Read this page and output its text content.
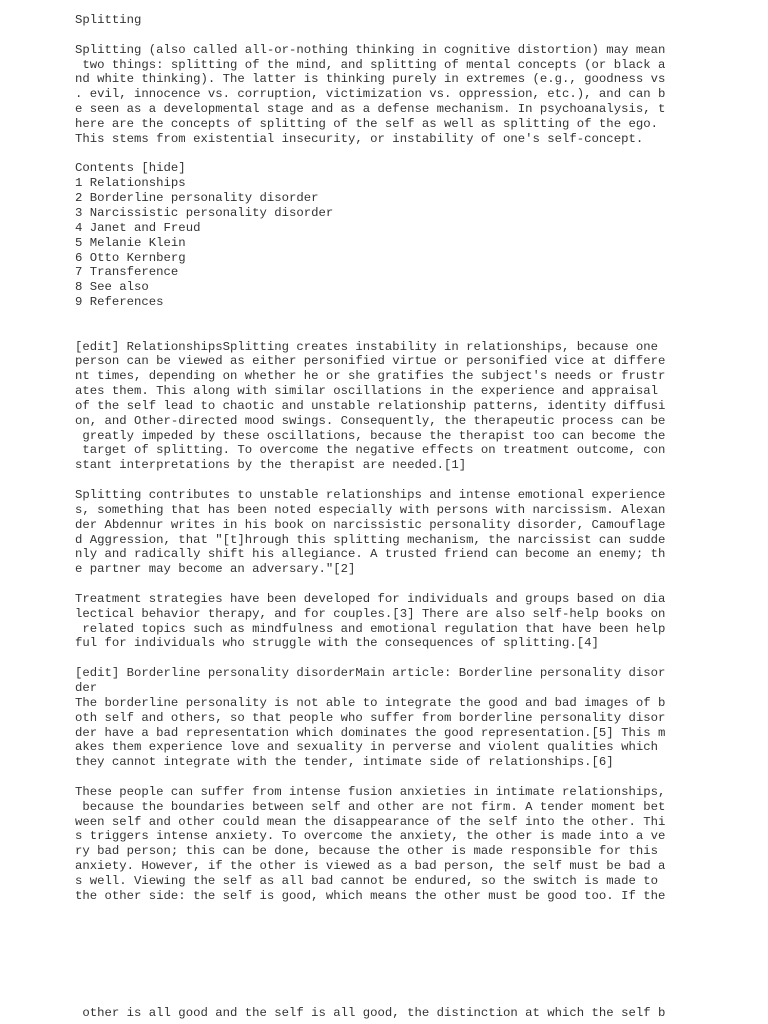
Splitting
Splitting (also called all-or-nothing thinking in cognitive distortion) may mean
two things: splitting of the mind, and splitting of mental concepts (or black a
nd white thinking). The latter is thinking purely in extremes (e.g., goodness vs
. evil, innocence vs. corruption, victimization vs. oppression, etc.), and can b
e seen as a developmental stage and as a defense mechanism. In psychoanalysis, t
here are the concepts of splitting of the self as well as splitting of the ego.
This stems from existential insecurity, or instability of one's self-concept.
Contents [hide]
1 Relationships
2 Borderline personality disorder
3 Narcissistic personality disorder
4 Janet and Freud
5 Melanie Klein
6 Otto Kernberg
7 Transference
8 See also
9 References
[edit] RelationshipsSplitting creates instability in relationships, because one
person can be viewed as either personified virtue or personified vice at differe
nt times, depending on whether he or she gratifies the subject's needs or frustr
ates them. This along with similar oscillations in the experience and appraisal
of the self lead to chaotic and unstable relationship patterns, identity diffusi
on, and Other-directed mood swings. Consequently, the therapeutic process can be
greatly impeded by these oscillations, because the therapist too can become the
target of splitting. To overcome the negative effects on treatment outcome, con
stant interpretations by the therapist are needed.[1]
Splitting contributes to unstable relationships and intense emotional experience
s, something that has been noted especially with persons with narcissism. Alexan
der Abdennur writes in his book on narcissistic personality disorder, Camouflage
d Aggression, that "[t]hrough this splitting mechanism, the narcissist can sudde
nly and radically shift his allegiance. A trusted friend can become an enemy; th
e partner may become an adversary."[2]
Treatment strategies have been developed for individuals and groups based on dia
lectical behavior therapy, and for couples.[3] There are also self-help books on
related topics such as mindfulness and emotional regulation that have been help
ful for individuals who struggle with the consequences of splitting.[4]
[edit] Borderline personality disorderMain article: Borderline personality disor
der
The borderline personality is not able to integrate the good and bad images of b
oth self and others, so that people who suffer from borderline personality disor
der have a bad representation which dominates the good representation.[5] This m
akes them experience love and sexuality in perverse and violent qualities which
they cannot integrate with the tender, intimate side of relationships.[6]
These people can suffer from intense fusion anxieties in intimate relationships,
because the boundaries between self and other are not firm. A tender moment bet
ween self and other could mean the disappearance of the self into the other. Thi
s triggers intense anxiety. To overcome the anxiety, the other is made into a ve
ry bad person; this can be done, because the other is made responsible for this
anxiety. However, if the other is viewed as a bad person, the self must be bad a
s well. Viewing the self as all bad cannot be endured, so the switch is made to
the other side: the self is good, which means the other must be good too. If the
other is all good and the self is all good, the distinction at which the self b
